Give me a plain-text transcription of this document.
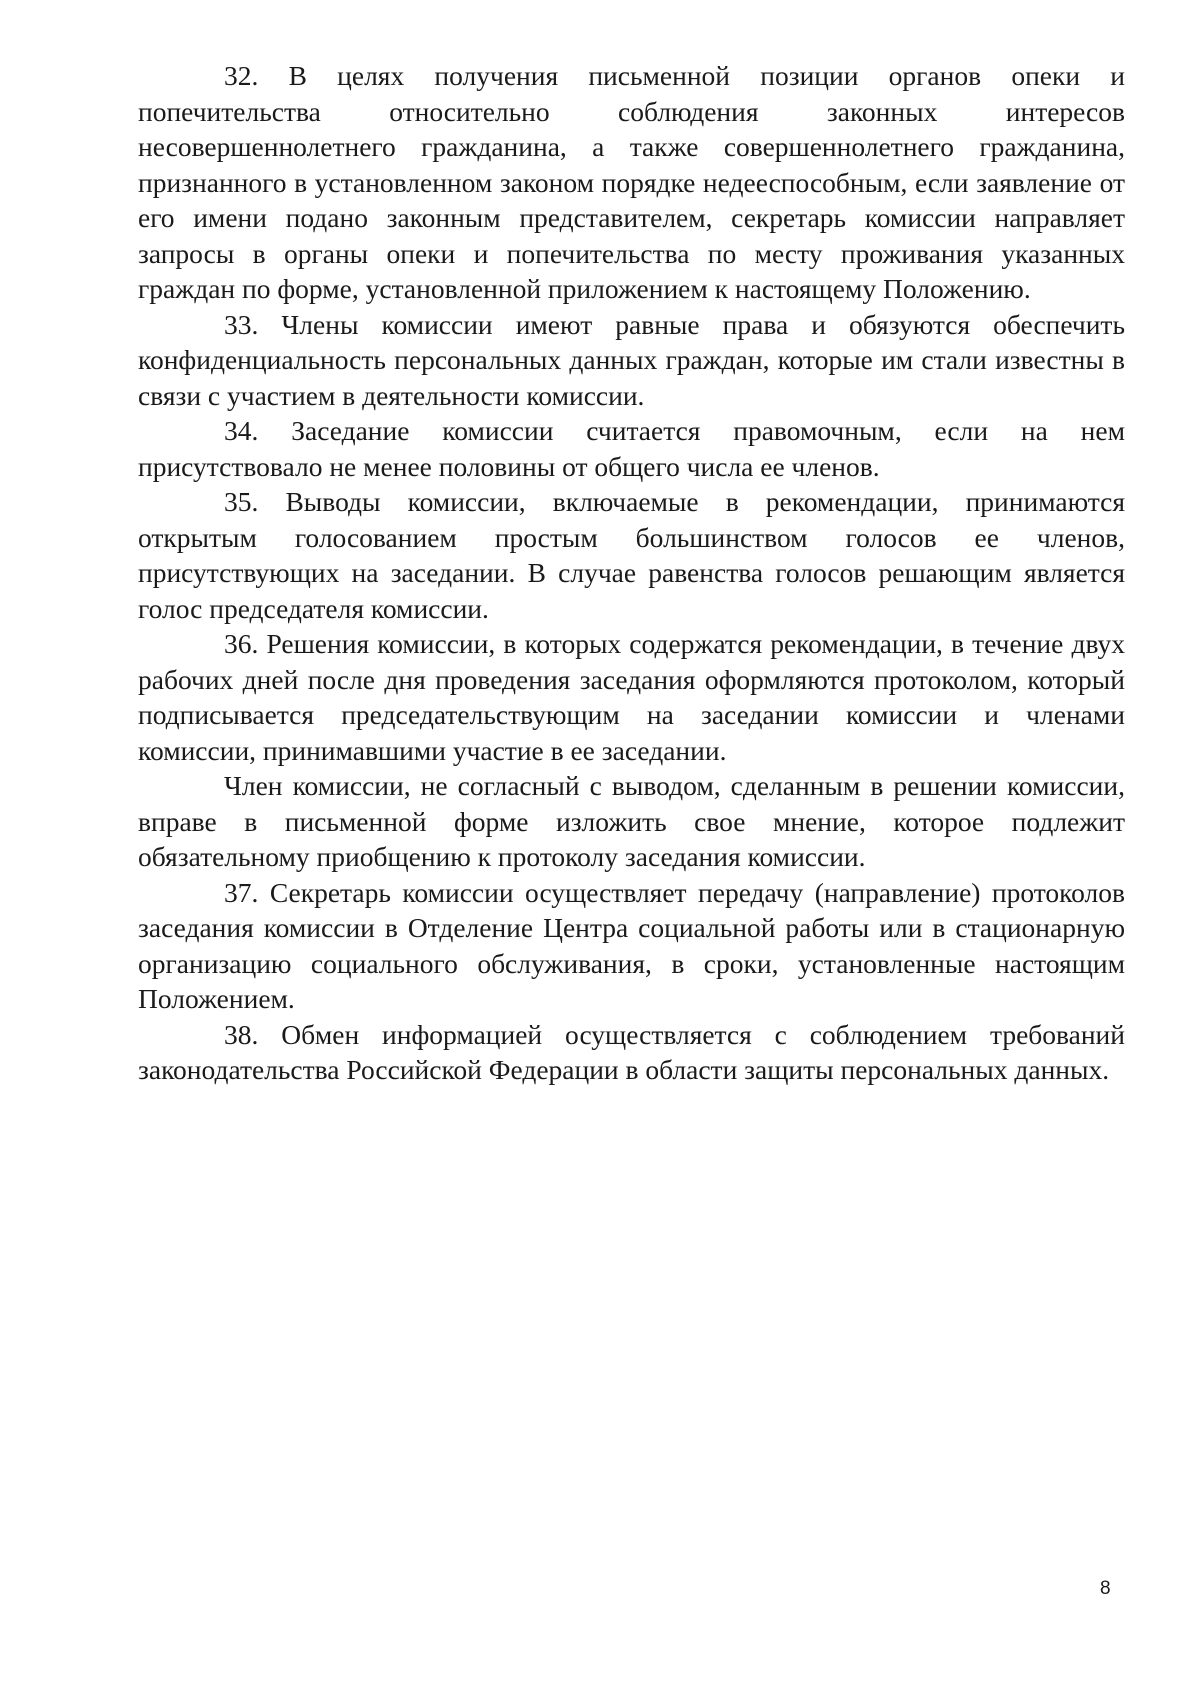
32. В целях получения письменной позиции органов опеки и попечительства относительно соблюдения законных интересов несовершеннолетнего гражданина, а также совершеннолетнего гражданина, признанного в установленном законом порядке недееспособным, если заявление от его имени подано законным представителем, секретарь комиссии направляет запросы в органы опеки и попечительства по месту проживания указанных граждан по форме, установленной приложением к настоящему Положению.

33. Члены комиссии имеют равные права и обязуются обеспечить конфиденциальность персональных данных граждан, которые им стали известны в связи с участием в деятельности комиссии.

34. Заседание комиссии считается правомочным, если на нем присутствовало не менее половины от общего числа ее членов.

35. Выводы комиссии, включаемые в рекомендации, принимаются открытым голосованием простым большинством голосов ее членов, присутствующих на заседании. В случае равенства голосов решающим является голос председателя комиссии.

36. Решения комиссии, в которых содержатся рекомендации, в течение двух рабочих дней после дня проведения заседания оформляются протоколом, который подписывается председательствующим на заседании комиссии и членами комиссии, принимавшими участие в ее заседании.

Член комиссии, не согласный с выводом, сделанным в решении комиссии, вправе в письменной форме изложить свое мнение, которое подлежит обязательному приобщению к протоколу заседания комиссии.

37. Секретарь комиссии осуществляет передачу (направление) протоколов заседания комиссии в Отделение Центра социальной работы или в стационарную организацию социального обслуживания, в сроки, установленные настоящим Положением.

38. Обмен информацией осуществляется с соблюдением требований законодательства Российской Федерации в области защиты персональных данных.

8
